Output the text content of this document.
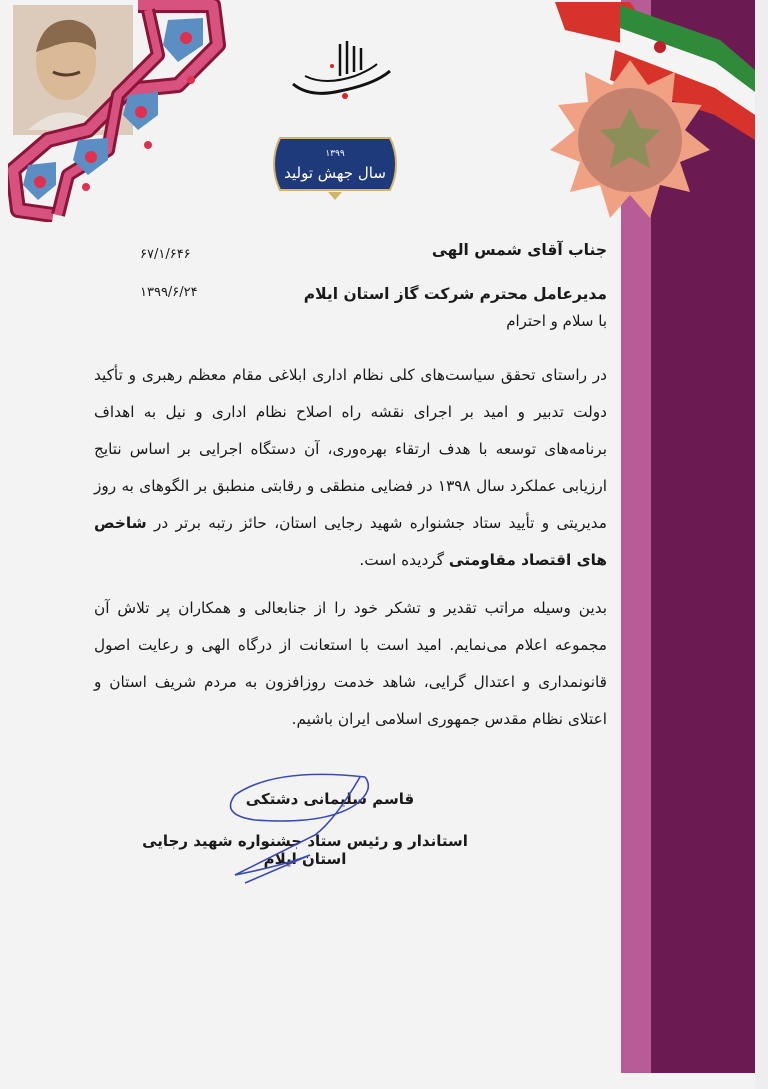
۱۳۹۹
سال جهش تولید
۶۷/۱/۶۴۶
۱۳۹۹/۶/۲۴
جناب آقای شمس الهی
مدیرعامل محترم شرکت گاز استان ایلام
با سلام و احترام
در راستای تحقق سیاست‌های کلی نظام اداری ابلاغی مقام معظم رهبری و تأکید دولت تدبیر و امید بر اجرای نقشه راه اصلاح نظام اداری و نیل به اهداف برنامه‌های توسعه با هدف ارتقاء بهره‌وری، آن دستگاه اجرایی بر اساس نتایج ارزیابی عملکرد سال ۱۳۹۸ در فضایی منطقی و رقابتی منطبق بر الگوهای به روز مدیریتی و تأیید ستاد جشنواره شهید رجایی استان، حائز رتبه برتر در شاخص های اقتصاد مقاومتی گردیده است.
بدین وسیله مراتب تقدیر و تشکر خود را از جنابعالی و همکاران پر تلاش آن مجموعه اعلام می‌نمایم. امید است با استعانت از درگاه الهی و رعایت اصول قانونمداری و اعتدال گرایی، شاهد خدمت روزافزون به مردم شریف استان و اعتلای نظام مقدس جمهوری اسلامی ایران باشیم.
قاسم سلیمانی دشتکی
استاندار و رئیس ستاد جشنواره شهید رجایی استان ایلام
